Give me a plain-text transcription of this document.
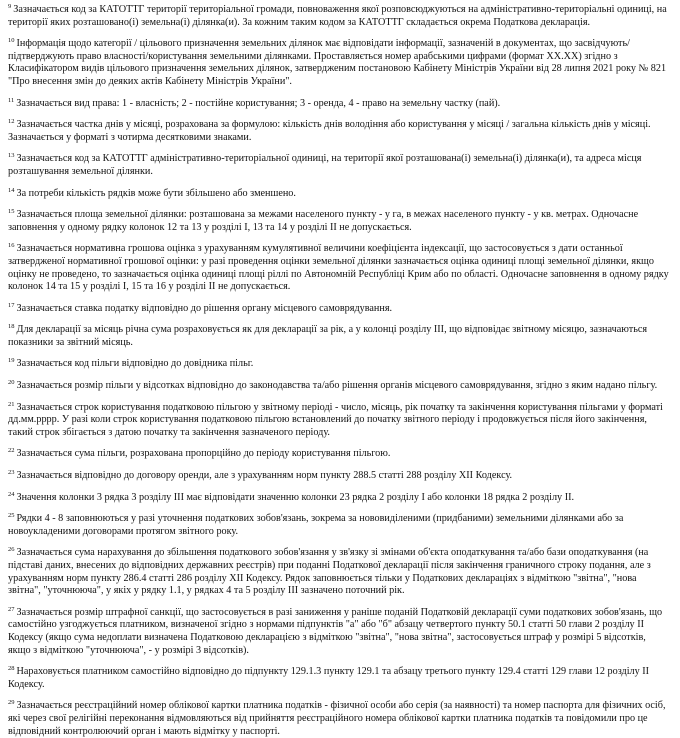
$^9$ Зазначається код за КАТОТТГ території територіальної громади, повноваження якої розповсюджуються на адміністративно-територіальні одиниці, на території яких розташовано(і) земельна(і) ділянка(и). За кожним таким кодом за КАТОТТГ складається окрема Податкова декларація.

$^{10}$ Інформація щодо категорії / цільового призначення земельних ділянок має відповідати інформації, зазначеній в документах, що засвідчують/підтверджують право власності/користування земельними ділянками. Проставляється номер арабськими цифрами (формат ХХ.ХХ) згідно з Класифікатором видів цільового призначення земельних ділянок, затвердженим постановою Кабінету Міністрів України від 28 липня 2021 року № 821 "Про внесення змін до деяких актів Кабінету Міністрів України".

$^{11}$ Зазначається вид права: 1 - власність; 2 - постійне користування; 3 - оренда, 4 - право на земельну частку (пай).

$^{12}$ Зазначається частка днів у місяці, розрахована за формулою: кількість днів володіння або користування у місяці / загальна кількість днів у місяці. Зазначається у форматі з чотирма десятковими знаками.

$^{13}$ Зазначається код за КАТОТТГ адміністративно-територіальної одиниці, на території якої розташована(і) земельна(і) ділянка(и), та адреса місця розташування земельної ділянки.

$^{14}$ За потреби кількість рядків може бути збільшено або зменшено.

$^{15}$ Зазначається площа земельної ділянки: розташована за межами населеного пункту - у га, в межах населеного пункту - у кв. метрах. Одночасне заповнення у одному рядку колонок 12 та 13 у розділі I, 13 та 14 у розділі II не допускається.

$^{16}$ Зазначається нормативна грошова оцінка з урахуванням кумулятивної величини коефіцієнта індексації, що застосовується з дати останньої затвердженої нормативної грошової оцінки: у разі проведення оцінки земельної ділянки зазначається оцінка одиниці площі земельної ділянки, якщо оцінку не проведено, то зазначається оцінка одиниці площі ріллі по Автономній Республіці Крим або по області. Одночасне заповнення в одному рядку колонок 14 та 15 у розділі I, 15 та 16 у розділі II не допускається.

$^{17}$ Зазначається ставка податку відповідно до рішення органу місцевого самоврядування.

$^{18}$ Для декларації за місяць річна сума розраховується як для декларації за рік, а у колонці розділу III, що відповідає звітному місяцю, зазначаються показники за звітний місяць.

$^{19}$ Зазначається код пільги відповідно до довідника пільг.

$^{20}$ Зазначається розмір пільги у відсотках відповідно до законодавства та/або рішення органів місцевого самоврядування, згідно з яким надано пільгу.

$^{21}$ Зазначається строк користування податковою пільгою у звітному періоді - число, місяць, рік початку та закінчення користування пільгами у форматі дд.мм.рррр. У разі коли строк користування податковою пільгою встановлений до початку звітного періоду і продовжується після його закінчення, такий строк збігається з датою початку та закінчення зазначеного періоду.

$^{22}$ Зазначається сума пільги, розрахована пропорційно до періоду користування пільгою.

$^{23}$ Зазначається відповідно до договору оренди, але з урахуванням норм пункту 288.5 статті 288 розділу XII Кодексу.

$^{24}$ Значення колонки 3 рядка 3 розділу III має відповідати значенню колонки 23 рядка 2 розділу I або колонки 18 рядка 2 розділу II.

$^{25}$ Рядки 4 - 8 заповнюються у разі уточнення податкових зобов'язань, зокрема за нововиділеними (придбаними) земельними ділянками або за новоукладеними договорами протягом звітного року.

$^{26}$ Зазначається сума нарахування до збільшення податкового зобов'язання у зв'язку зі змінами об'єкта оподаткування та/або бази оподаткування (на підставі даних, внесених до відповідних державних реєстрів) при поданні Податкової декларації після закінчення граничного строку подання, але з урахуванням норм пункту 286.4 статті 286 розділу XII Кодексу. Рядок заповнюється тільки у Податкових деклараціях з відміткою "звітна", "нова звітна", "уточнююча", у якіх у рядку 1.1, у рядках 4 та 5 розділу III зазначено поточний рік.

$^{27}$ Зазначається розмір штрафної санкції, що застосовується в разі заниження у раніше поданій Податковій декларації суми податкових зобов'язань, що самостійно узгоджується платником, визначеної згідно з нормами підпунктів "а" або "б" абзацу четвертого пункту 50.1 статті 50 глави 2 розділу II Кодексу (якщо сума недоплати визначена Податковою декларацією з відміткою "звітна", "нова звітна", застосовується штраф у розмірі 5 відсотків, якщо з відміткою "уточнююча", - у розмірі 3 відсотків).

$^{28}$ Нараховується платником самостійно відповідно до підпункту 129.1.3 пункту 129.1 та абзацу третього пункту 129.4 статті 129 глави 12 розділу II Кодексу.

$^{29}$ Зазначається реєстраційний номер облікової картки платника податків - фізичної особи або серія (за наявності) та номер паспорта для фізичних осіб, які через свої релігійні переконання відмовляються від прийняття реєстраційного номера облікової картки платника податків та повідомили про це відповідний контролюючий орган і мають відмітку у паспорті.
